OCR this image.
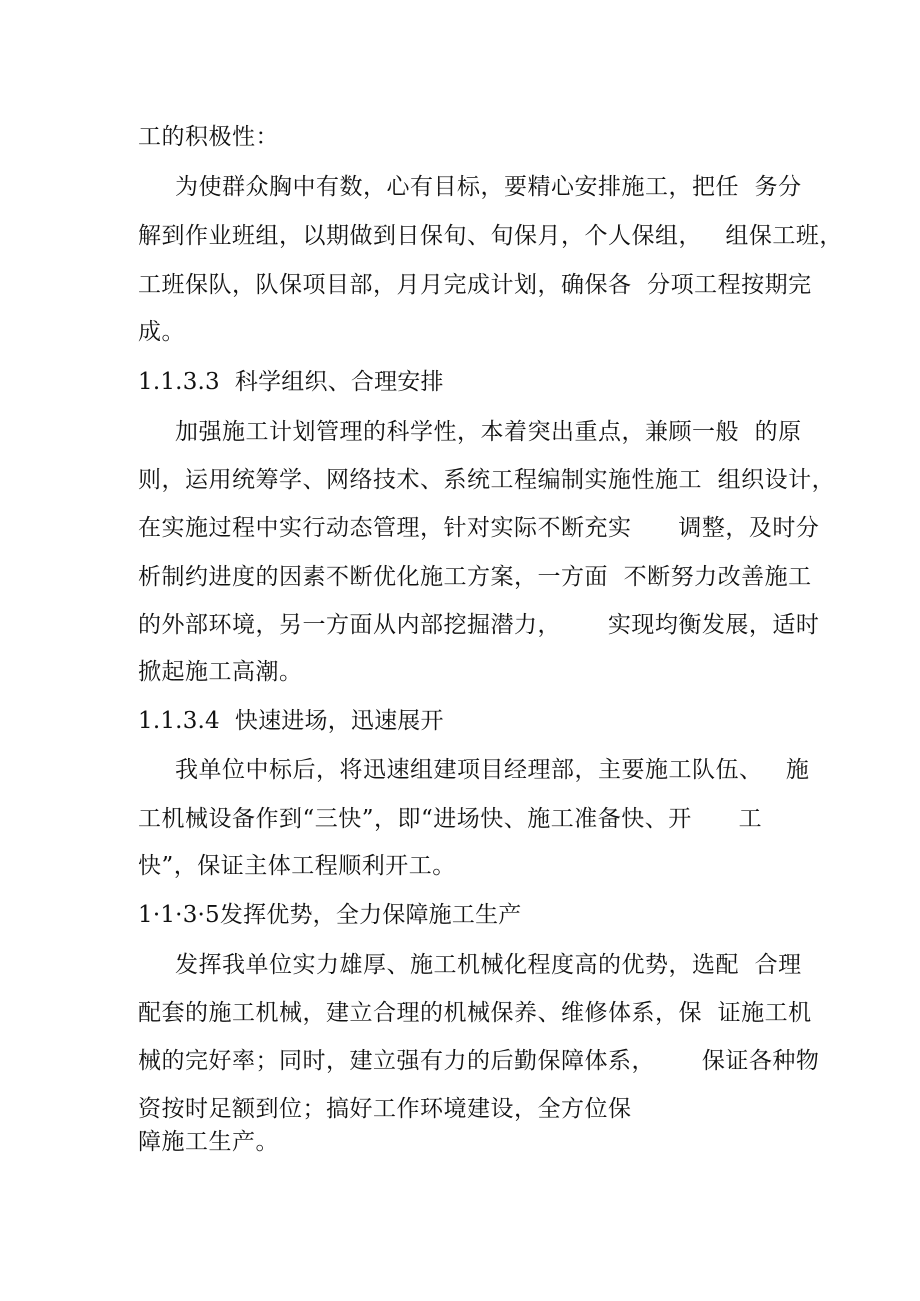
工的积极性：
为使群众胸中有数，心有目标，要精心安排施工，把任  务分
解到作业班组，以期做到日保旬、旬保月，个人保组，   组保工班，
工班保队，队保项目部，月月完成计划，确保各  分项工程按期完
成。
1.1.3.3  科学组织、合理安排
加强施工计划管理的科学性，本着突出重点，兼顾一般  的原
则，运用统筹学、网络技术、系统工程编制实施性施工  组织设计，
在实施过程中实行动态管理，针对实际不断充实      调整，及时分
析制约进度的因素不断优化施工方案，一方面  不断努力改善施工
的外部环境，另一方面从内部挖掘潜力，      实现均衡发展，适时
掀起施工高潮。
1.1.3.4  快速进场，迅速展开
我单位中标后，将迅速组建项目经理部，主要施工队伍、   施
工机械设备作到“三快”，即“进场快、施工准备快、开      工
快”，保证主体工程顺利开工。
1·1·3·5发挥优势，全力保障施工生产
发挥我单位实力雄厚、施工机械化程度高的优势，选配  合理
配套的施工机械，建立合理的机械保养、维修体系，保  证施工机
械的完好率；同时，建立强有力的后勤保障体系，      保证各种物
资按时足额到位；搞好工作环境建设，全方位保
障施工生产。
